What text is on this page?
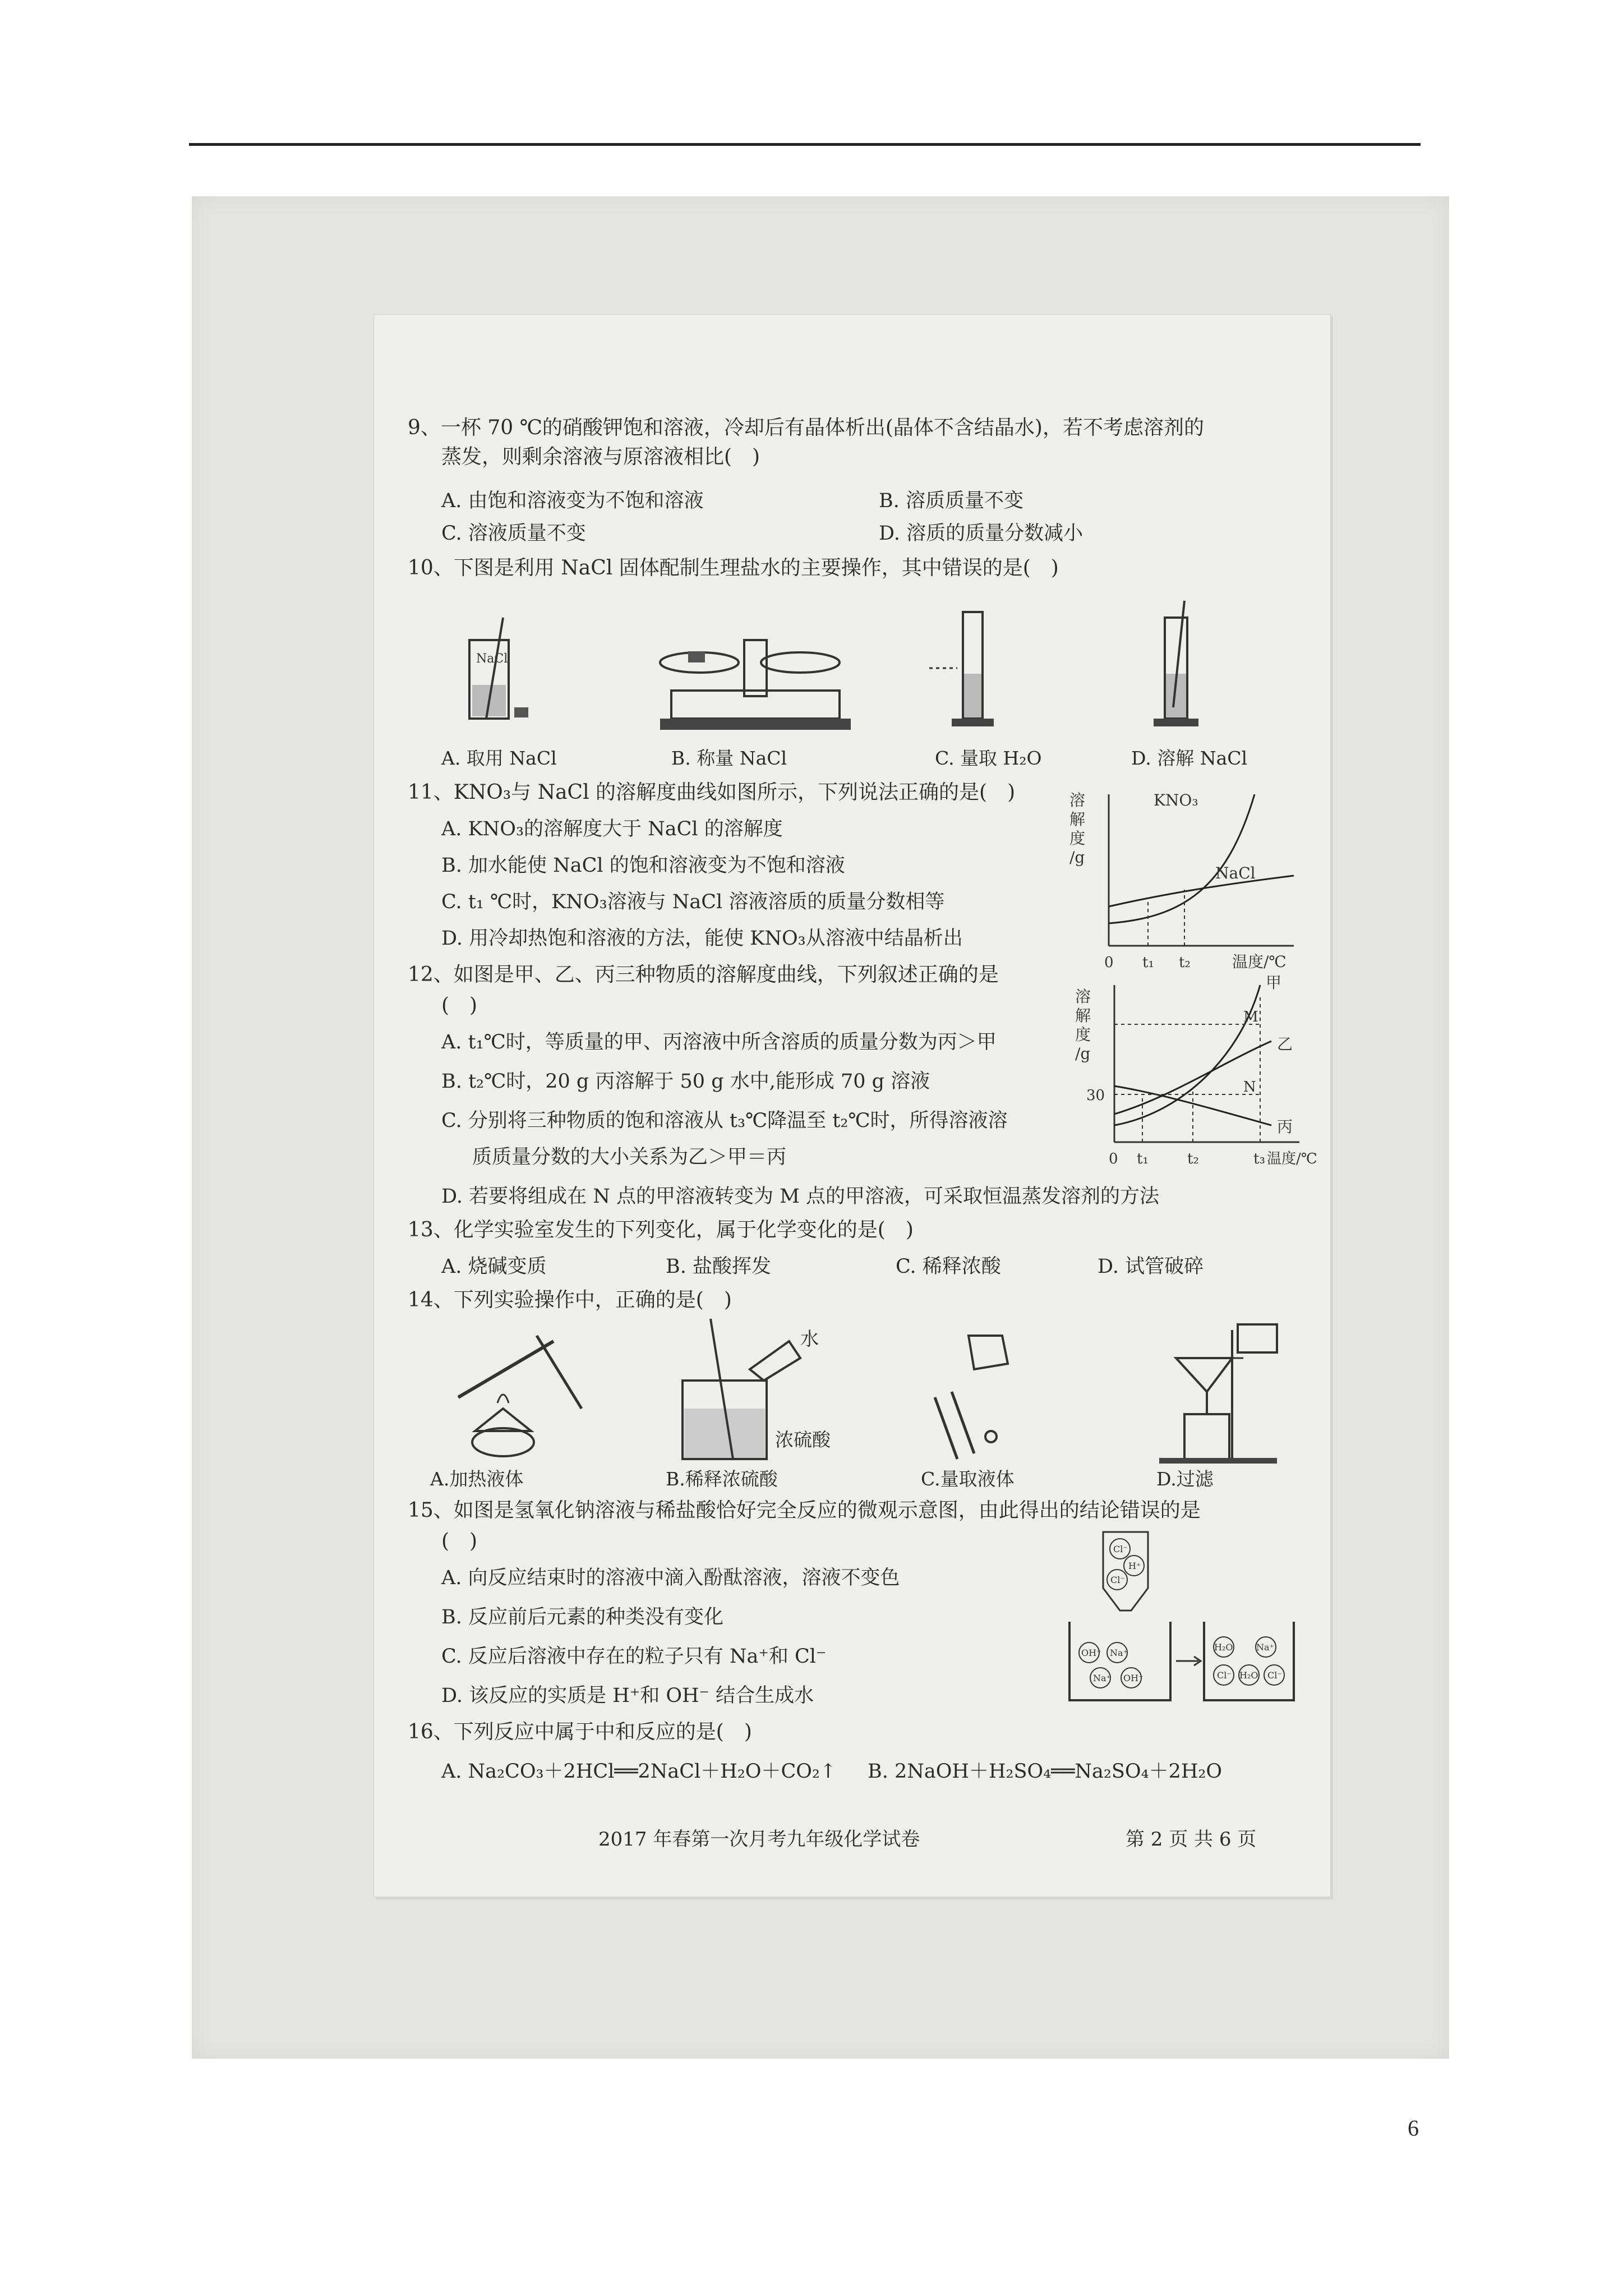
9、一杯 70 ℃的硝酸钾饱和溶液，冷却后有晶体析出(晶体不含结晶水)，若不考虑溶剂的
蒸发，则剩余溶液与原溶液相比(　)
A. 由饱和溶液变为不饱和溶液	B. 溶质质量不变
C. 溶液质量不变	D. 溶质的质量分数减小
10、下图是利用 NaCl 固体配制生理盐水的主要操作，其中错误的是(　)
NaCl
A. 取用 NaCl	B. 称量 NaCl	C. 量取 H₂O	D. 溶解 NaCl
11、KNO₃与 NaCl 的溶解度曲线如图所示，下列说法正确的是(　)
A. KNO₃的溶解度大于 NaCl 的溶解度
B. 加水能使 NaCl 的饱和溶液变为不饱和溶液
C. t₁ ℃时，KNO₃溶液与 NaCl 溶液溶质的质量分数相等
D. 用冷却热饱和溶液的方法，能使 KNO₃从溶液中结晶析出
溶
解
度
/g
KNO₃
NaCl
0 t₁ t₂	温度/℃
12、如图是甲、乙、丙三种物质的溶解度曲线，下列叙述正确的是
(　)
A. t₁℃时，等质量的甲、丙溶液中所含溶质的质量分数为丙＞甲
B. t₂℃时，20 g 丙溶解于 50 g 水中,能形成 70 g 溶液
C. 分别将三种物质的饱和溶液从 t₃℃降温至 t₂℃时，所得溶液溶
质质量分数的大小关系为乙＞甲＝丙
D. 若要将组成在 N 点的甲溶液转变为 M 点的甲溶液，可采取恒温蒸发溶剂的方法
溶
解
度
/g
30
甲
乙
丙
M
N
0 t₁	t₂	t₃ 温度/℃
13、化学实验室发生的下列变化，属于化学变化的是(　)
A. 烧碱变质	B. 盐酸挥发	C. 稀释浓酸	D. 试管破碎
14、下列实验操作中，正确的是(　)
水
浓硫酸
A.加热液体	B.稀释浓硫酸	C.量取液体	D.过滤
15、如图是氢氧化钠溶液与稀盐酸恰好完全反应的微观示意图，由此得出的结论错误的是
(　)
A. 向反应结束时的溶液中滴入酚酞溶液，溶液不变色
B. 反应前后元素的种类没有变化
C. 反应后溶液中存在的粒子只有 Na⁺和 Cl⁻
D. 该反应的实质是 H⁺和 OH⁻ 结合生成水
Cl⁻
H⁺
Cl⁻
OH⁻ Na⁺
Na⁺ OH⁻
H₂O	Na⁺
Cl⁻ H₂O Cl⁻
16、下列反应中属于中和反应的是(　)
A. Na₂CO₃＋2HCl══2NaCl＋H₂O＋CO₂↑ B. 2NaOH＋H₂SO₄══Na₂SO₄＋2H₂O
2017 年春第一次月考九年级化学试卷	第 2 页 共 6 页
6
